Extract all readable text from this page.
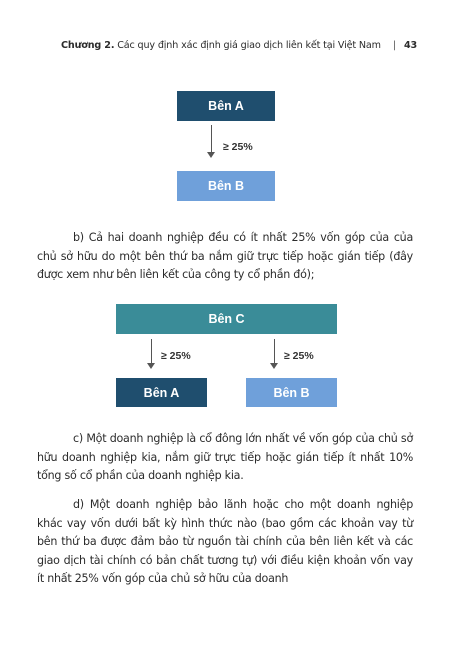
Chương 2.
Các quy định xác định giá giao dịch liên kết tại Việt Nam | 43
Bên A
≥ 25%
Bên B

b) Cả hai doanh nghiệp đều có ít nhất 25% vốn góp của của chủ sở hữu do một bên thứ ba nắm giữ trực tiếp hoặc gián tiếp (đây được xem như bên liên kết của công ty cổ phần đó);

Bên C
≥ 25%	≥ 25%
Bên A	Bên B

c) Một doanh nghiệp là cổ đông lớn nhất về vốn góp của chủ sở hữu doanh nghiệp kia, nắm giữ trực tiếp hoặc gián tiếp ít nhất 10% tổng số cổ phần của doanh nghiệp kia.

d) Một doanh nghiệp bảo lãnh hoặc cho một doanh nghiệp khác vay vốn dưới bất kỳ hình thức nào (bao gồm các khoản vay từ bên thứ ba được đảm bảo từ nguồn tài chính của bên liên kết và các giao dịch tài chính có bản chất tương tự) với điều kiện khoản vốn vay ít nhất 25% vốn góp của chủ sở hữu của doanh
